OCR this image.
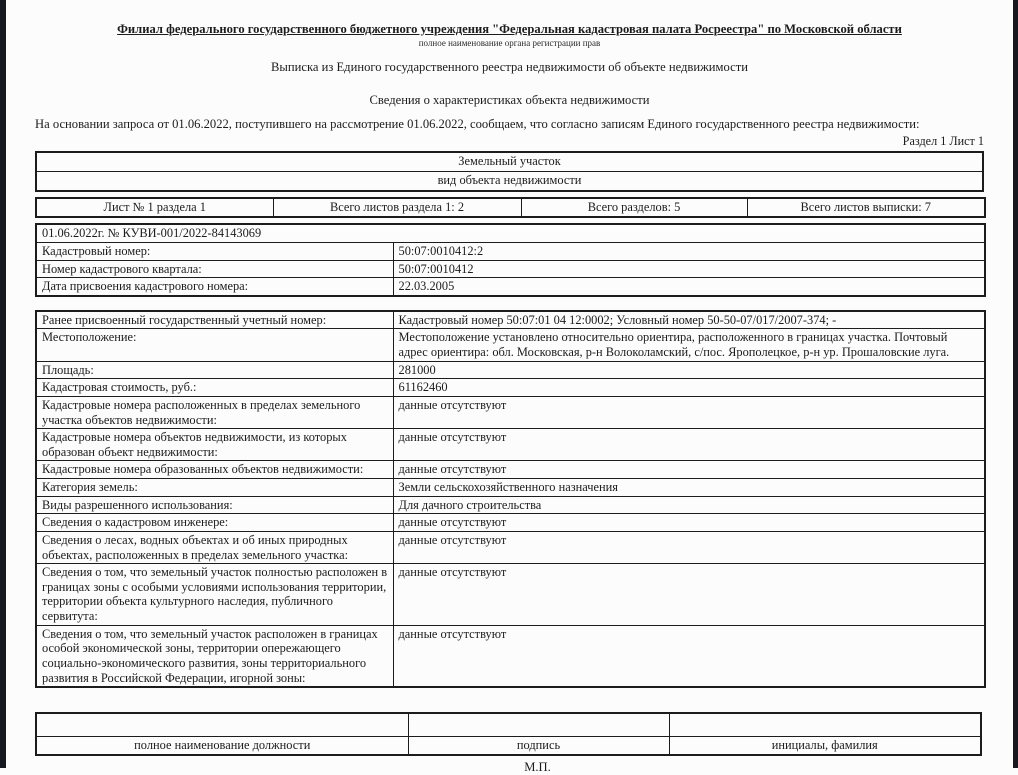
Филиал федерального государственного бюджетного учреждения "Федеральная кадастровая палата Росреестра" по Московской области
полное наименование органа регистрации прав
Выписка из Единого государственного реестра недвижимости об объекте недвижимости
Сведения о характеристиках объекта недвижимости
На основании запроса от 01.06.2022, поступившего на рассмотрение 01.06.2022, сообщаем, что согласно записям Единого государственного реестра недвижимости:
Раздел 1 Лист 1
Земельный участок
вид объекта недвижимости
Лист № 1 раздела 1	Всего листов раздела 1: 2	Всего разделов: 5	Всего листов выписки: 7
01.06.2022г. № КУВИ-001/2022-84143069	
Кадастровый номер:	50:07:0010412:2
Номер кадастрового квартала:	50:07:0010412
Дата присвоения кадастрового номера:	22.03.2005
Ранее присвоенный государственный учетный номер:	Кадастровый номер 50:07:01 04 12:0002; Условный номер 50-50-07/017/2007-374; -
Местоположение:	Местоположение установлено относительно ориентира, расположенного в границах участка. Почтовый адрес ориентира: обл. Московская, р-н Волоколамский, с/пос. Ярополецкое, р-н ур. Прошаловские луга.
Площадь:	281000
Кадастровая стоимость, руб.:	61162460
Кадастровые номера расположенных в пределах земельного участка объектов недвижимости:	данные отсутствуют
Кадастровые номера объектов недвижимости, из которых образован объект недвижимости:	данные отсутствуют
Кадастровые номера образованных объектов недвижимости:	данные отсутствуют
Категория земель:	Земли сельскохозяйственного назначения
Виды разрешенного использования:	Для дачного строительства
Сведения о кадастровом инженере:	данные отсутствуют
Сведения о лесах, водных объектах и об иных природных объектах, расположенных в пределах земельного участка:	данные отсутствуют
Сведения о том, что земельный участок полностью расположен в границах зоны с особыми условиями использования территории, территории объекта культурного наследия, публичного сервитута:	данные отсутствуют
Сведения о том, что земельный участок расположен в границах особой экономической зоны, территории опережающего социально-экономического развития, зоны территориального развития в Российской Федерации, игорной зоны:	данные отсутствуют

полное наименование должности	подпись	инициалы, фамилия
М.П.
